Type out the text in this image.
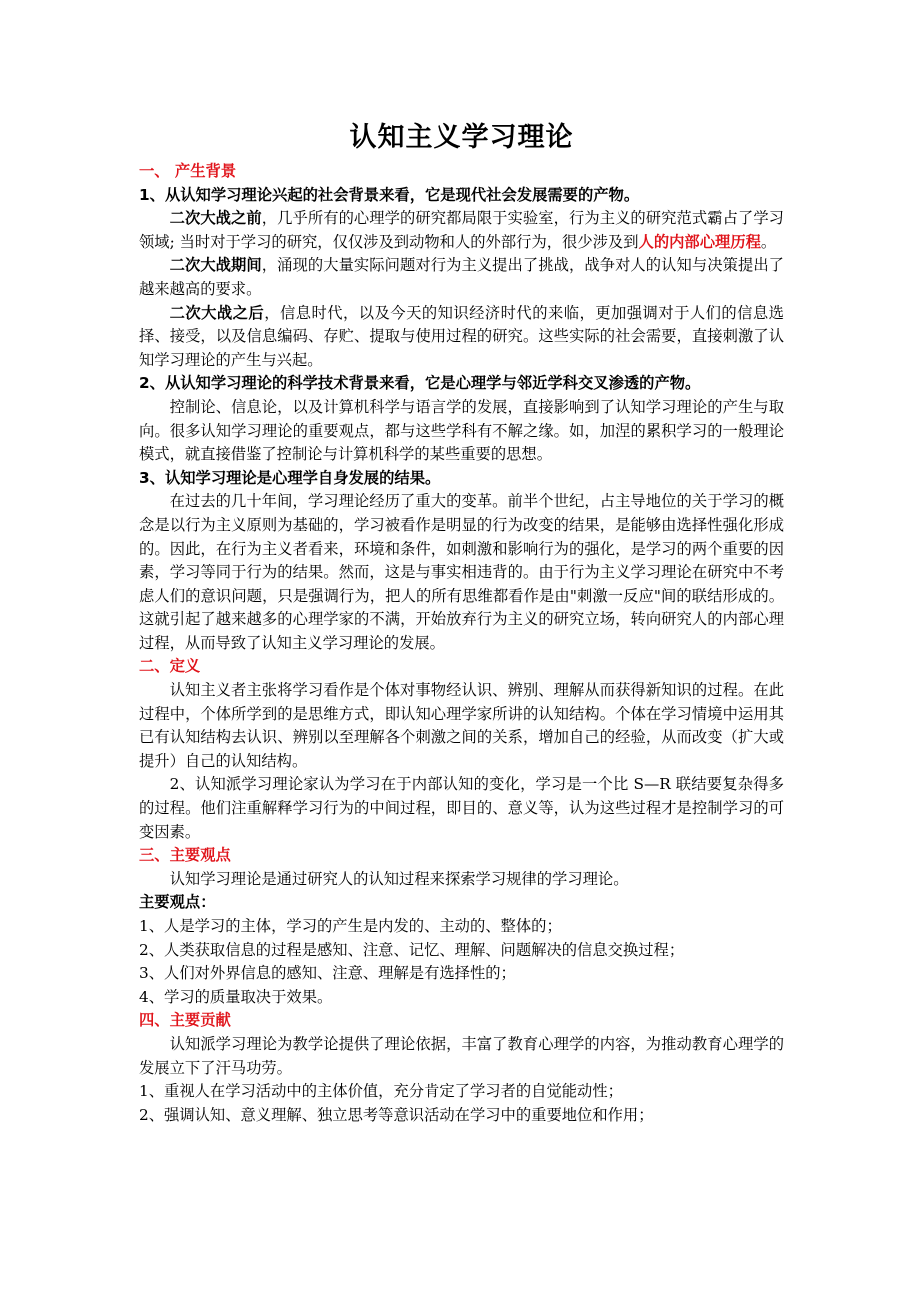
认知主义学习理论

一、 产生背景

1、从认知学习理论兴起的社会背景来看，它是现代社会发展需要的产物。

二次大战之前，几乎所有的心理学的研究都局限于实验室，行为主义的研究范式霸占了学习领域; 当时对于学习的研究，仅仅涉及到动物和人的外部行为，很少涉及到人的内部心理历程。

二次大战期间，涌现的大量实际问题对行为主义提出了挑战，战争对人的认知与决策提出了越来越高的要求。

二次大战之后，信息时代，以及今天的知识经济时代的来临，更加强调对于人们的信息选择、接受，以及信息编码、存贮、提取与使用过程的研究。这些实际的社会需要，直接刺激了认知学习理论的产生与兴起。

2、从认知学习理论的科学技术背景来看，它是心理学与邻近学科交叉渗透的产物。

控制论、信息论，以及计算机科学与语言学的发展，直接影响到了认知学习理论的产生与取向。很多认知学习理论的重要观点，都与这些学科有不解之缘。如，加涅的累积学习的一般理论模式，就直接借鉴了控制论与计算机科学的某些重要的思想。

3、认知学习理论是心理学自身发展的结果。

在过去的几十年间，学习理论经历了重大的变革。前半个世纪，占主导地位的关于学习的概念是以行为主义原则为基础的，学习被看作是明显的行为改变的结果，是能够由选择性强化形成的。因此，在行为主义者看来，环境和条件，如刺激和影响行为的强化，是学习的两个重要的因素，学习等同于行为的结果。然而，这是与事实相违背的。由于行为主义学习理论在研究中不考虑人们的意识问题，只是强调行为，把人的所有思维都看作是由"刺激一反应"间的联结形成的。这就引起了越来越多的心理学家的不满，开始放弃行为主义的研究立场，转向研究人的内部心理过程，从而导致了认知主义学习理论的发展。

二、定义

认知主义者主张将学习看作是个体对事物经认识、辨别、理解从而获得新知识的过程。在此过程中，个体所学到的是思维方式，即认知心理学家所讲的认知结构。个体在学习情境中运用其已有认知结构去认识、辨别以至理解各个刺激之间的关系，增加自己的经验，从而改变（扩大或提升）自己的认知结构。

2、认知派学习理论家认为学习在于内部认知的变化，学习是一个比 S—R 联结要复杂得多的过程。他们注重解释学习行为的中间过程，即目的、意义等，认为这些过程才是控制学习的可变因素。

三、主要观点

认知学习理论是通过研究人的认知过程来探索学习规律的学习理论。

主要观点：

1、人是学习的主体，学习的产生是内发的、主动的、整体的；

2、人类获取信息的过程是感知、注意、记忆、理解、问题解决的信息交换过程；

3、人们对外界信息的感知、注意、理解是有选择性的；

4、学习的质量取决于效果。

四、主要贡献

认知派学习理论为教学论提供了理论依据，丰富了教育心理学的内容，为推动教育心理学的发展立下了汗马功劳。

1、重视人在学习活动中的主体价值，充分肯定了学习者的自觉能动性；

2、强调认知、意义理解、独立思考等意识活动在学习中的重要地位和作用；
